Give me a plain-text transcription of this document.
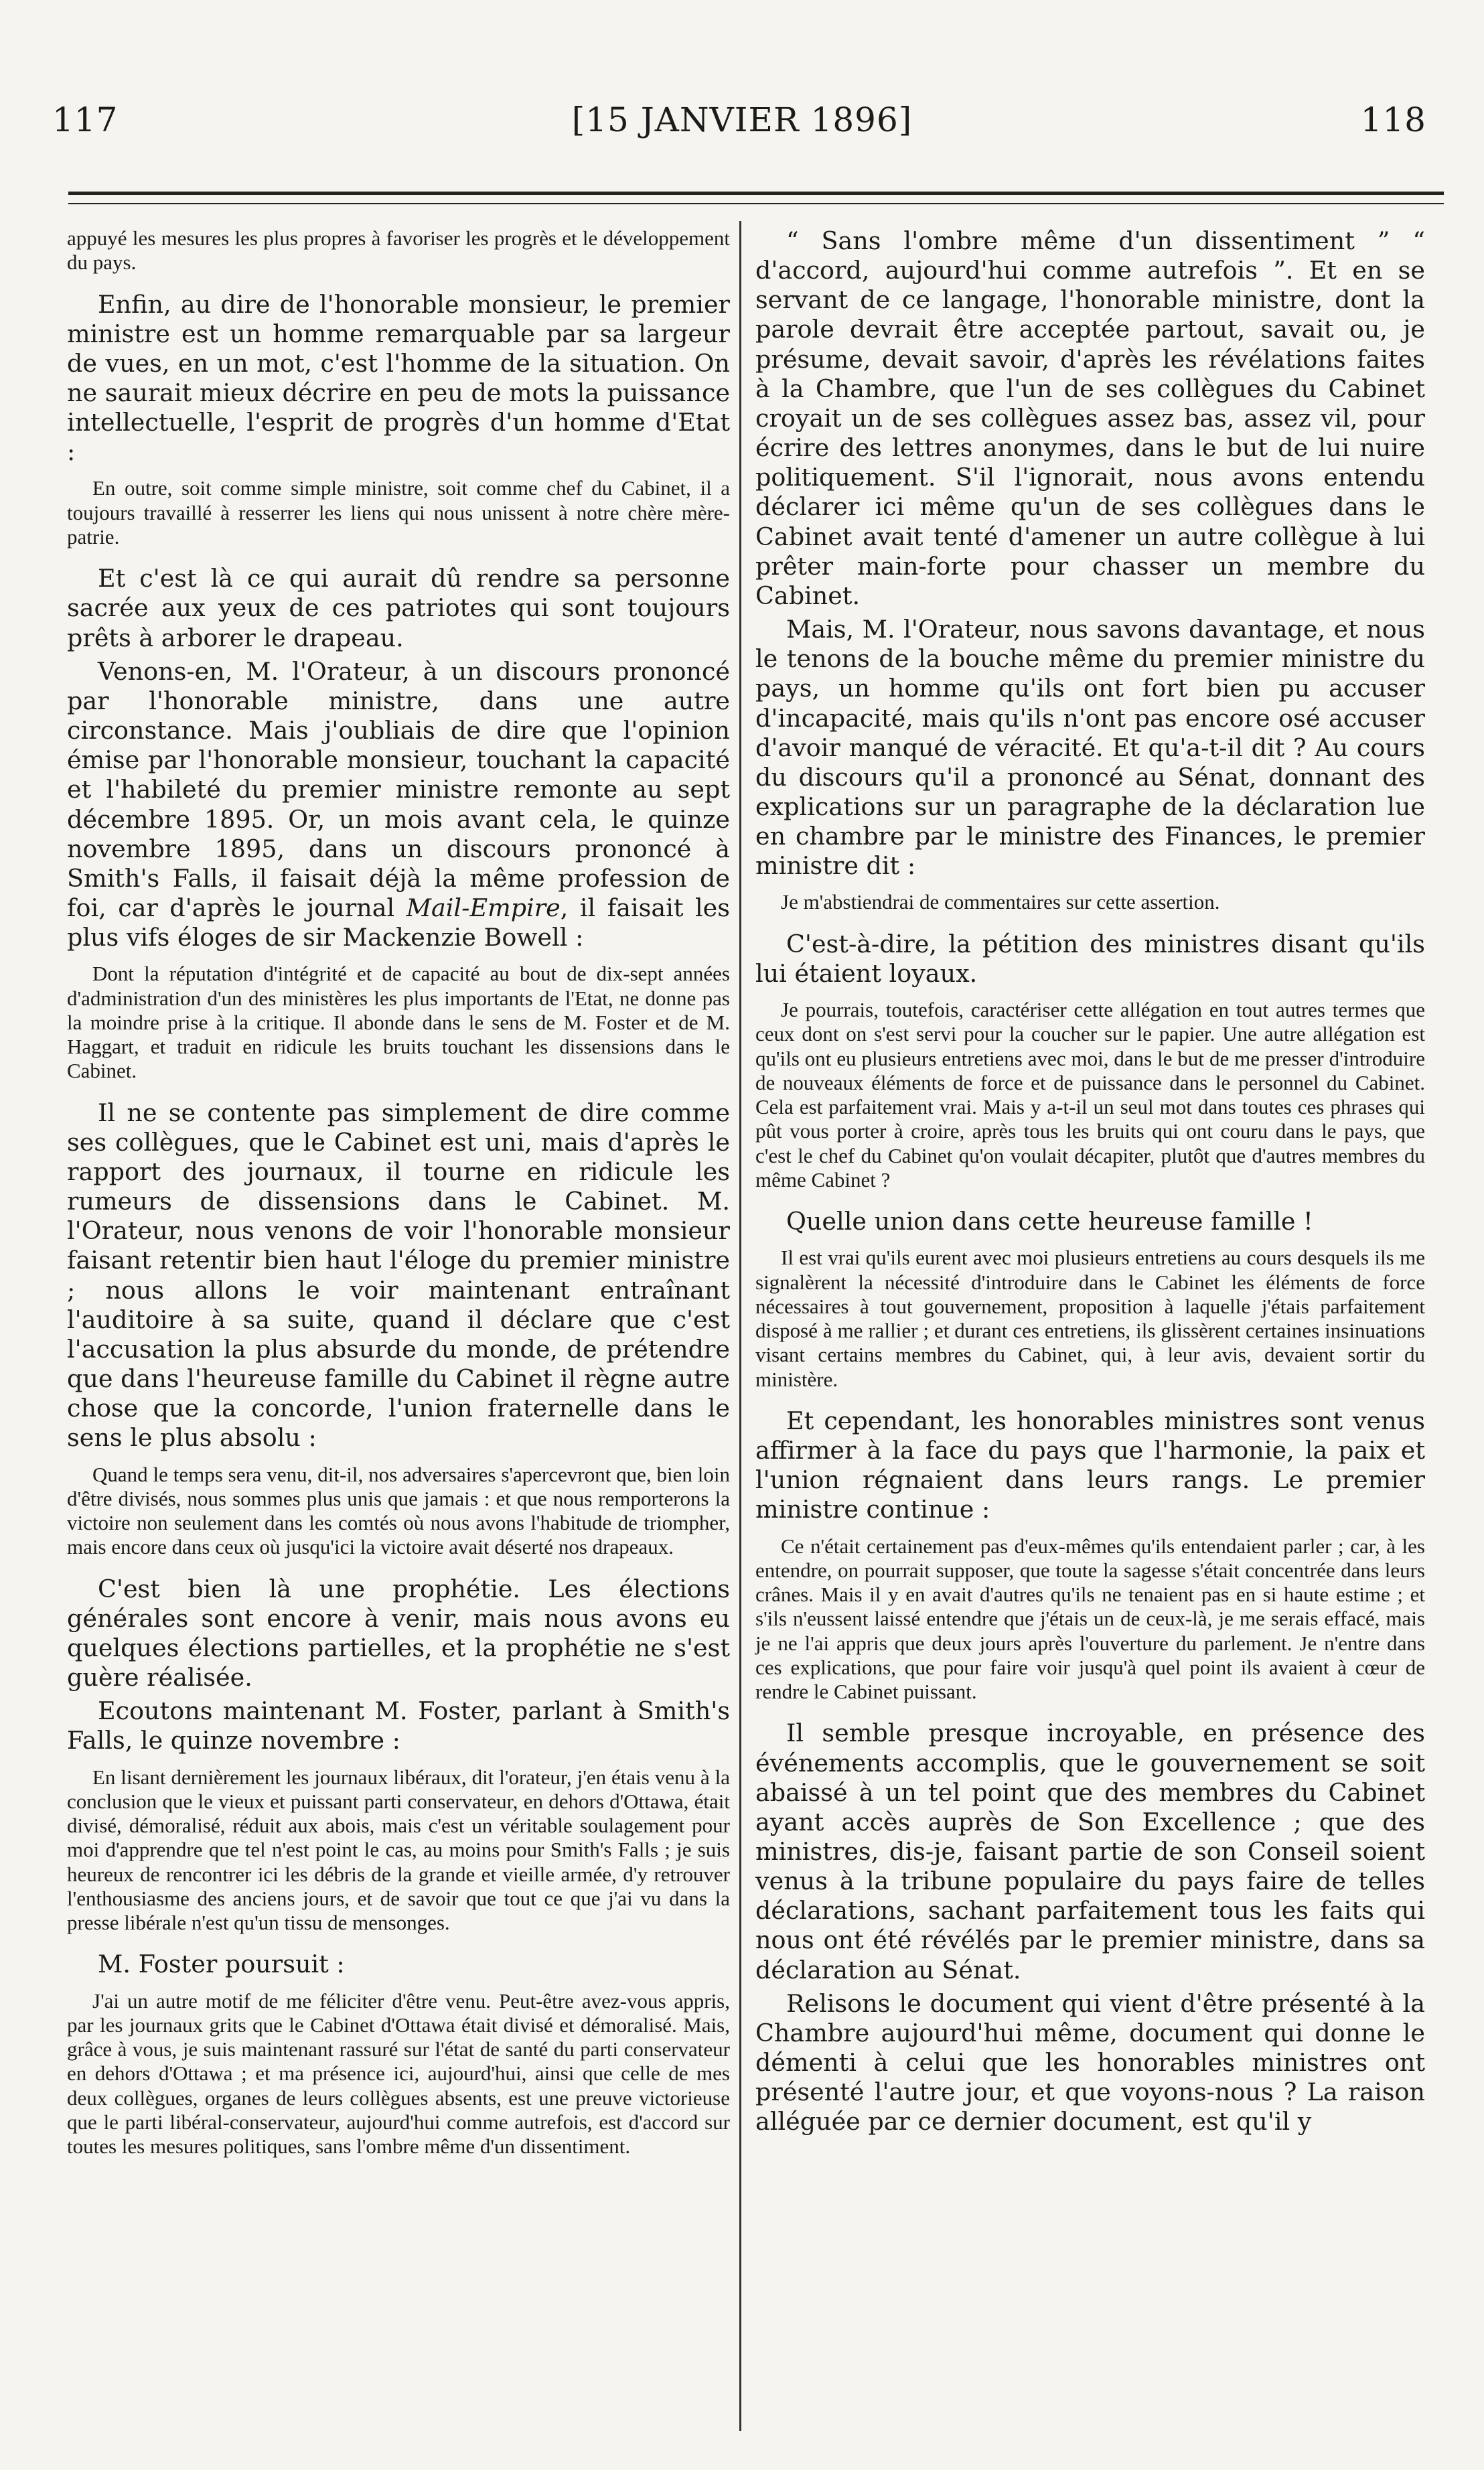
117	[15 JANVIER 1896]	118

appuyé les mesures les plus propres à favoriser les progrès et le développement du pays.

Enfin, au dire de l'honorable monsieur, le premier ministre est un homme remarquable par sa largeur de vues, en un mot, c'est l'homme de la situation. On ne saurait mieux décrire en peu de mots la puissance intellectuelle, l'esprit de progrès d'un homme d'Etat :

En outre, soit comme simple ministre, soit comme chef du Cabinet, il a toujours travaillé à resserrer les liens qui nous unissent à notre chère mère-patrie.

Et c'est là ce qui aurait dû rendre sa personne sacrée aux yeux de ces patriotes qui sont toujours prêts à arborer le drapeau.

Venons-en, M. l'Orateur, à un discours prononcé par l'honorable ministre, dans une autre circonstance. Mais j'oubliais de dire que l'opinion émise par l'honorable monsieur, touchant la capacité et l'habileté du premier ministre remonte au sept décembre 1895. Or, un mois avant cela, le quinze novembre 1895, dans un discours prononcé à Smith's Falls, il faisait déjà la même profession de foi, car d'après le journal Mail-Empire, il faisait les plus vifs éloges de sir Mackenzie Bowell :

Dont la réputation d'intégrité et de capacité au bout de dix-sept années d'administration d'un des ministères les plus importants de l'Etat, ne donne pas la moindre prise à la critique. Il abonde dans le sens de M. Foster et de M. Haggart, et traduit en ridicule les bruits touchant les dissensions dans le Cabinet.

Il ne se contente pas simplement de dire comme ses collègues, que le Cabinet est uni, mais d'après le rapport des journaux, il tourne en ridicule les rumeurs de dissensions dans le Cabinet. M. l'Orateur, nous venons de voir l'honorable monsieur faisant retentir bien haut l'éloge du premier ministre ; nous allons le voir maintenant entraînant l'auditoire à sa suite, quand il déclare que c'est l'accusation la plus absurde du monde, de prétendre que dans l'heureuse famille du Cabinet il règne autre chose que la concorde, l'union fraternelle dans le sens le plus absolu :

Quand le temps sera venu, dit-il, nos adversaires s'apercevront que, bien loin d'être divisés, nous sommes plus unis que jamais : et que nous remporterons la victoire non seulement dans les comtés où nous avons l'habitude de triompher, mais encore dans ceux où jusqu'ici la victoire avait déserté nos drapeaux.

C'est bien là une prophétie. Les élections générales sont encore à venir, mais nous avons eu quelques élections partielles, et la prophétie ne s'est guère réalisée.

Ecoutons maintenant M. Foster, parlant à Smith's Falls, le quinze novembre :

En lisant dernièrement les journaux libéraux, dit l'orateur, j'en étais venu à la conclusion que le vieux et puissant parti conservateur, en dehors d'Ottawa, était divisé, démoralisé, réduit aux abois, mais c'est un véritable soulagement pour moi d'apprendre que tel n'est point le cas, au moins pour Smith's Falls ; je suis heureux de rencontrer ici les débris de la grande et vieille armée, d'y retrouver l'enthousiasme des anciens jours, et de savoir que tout ce que j'ai vu dans la presse libérale n'est qu'un tissu de mensonges.

M. Foster poursuit :

J'ai un autre motif de me féliciter d'être venu. Peut-être avez-vous appris, par les journaux grits que le Cabinet d'Ottawa était divisé et démoralisé. Mais, grâce à vous, je suis maintenant rassuré sur l'état de santé du parti conservateur en dehors d'Ottawa ; et ma présence ici, aujourd'hui, ainsi que celle de mes deux collègues, organes de leurs collègues absents, est une preuve victorieuse que le parti libéral-conservateur, aujourd'hui comme autrefois, est d'accord sur toutes les mesures politiques, sans l'ombre même d'un dissentiment.

“ Sans l'ombre même d'un dissentiment ” “ d'accord, aujourd'hui comme autrefois ”. Et en se servant de ce langage, l'honorable ministre, dont la parole devrait être acceptée partout, savait ou, je présume, devait savoir, d'après les révélations faites à la Chambre, que l'un de ses collègues du Cabinet croyait un de ses collègues assez bas, assez vil, pour écrire des lettres anonymes, dans le but de lui nuire politiquement. S'il l'ignorait, nous avons entendu déclarer ici même qu'un de ses collègues dans le Cabinet avait tenté d'amener un autre collègue à lui prêter main-forte pour chasser un membre du Cabinet.

Mais, M. l'Orateur, nous savons davantage, et nous le tenons de la bouche même du premier ministre du pays, un homme qu'ils ont fort bien pu accuser d'incapacité, mais qu'ils n'ont pas encore osé accuser d'avoir manqué de véracité. Et qu'a-t-il dit ? Au cours du discours qu'il a prononcé au Sénat, donnant des explications sur un paragraphe de la déclaration lue en chambre par le ministre des Finances, le premier ministre dit :

Je m'abstiendrai de commentaires sur cette assertion.

C'est-à-dire, la pétition des ministres disant qu'ils lui étaient loyaux.

Je pourrais, toutefois, caractériser cette allégation en tout autres termes que ceux dont on s'est servi pour la coucher sur le papier. Une autre allégation est qu'ils ont eu plusieurs entretiens avec moi, dans le but de me presser d'introduire de nouveaux éléments de force et de puissance dans le personnel du Cabinet. Cela est parfaitement vrai. Mais y a-t-il un seul mot dans toutes ces phrases qui pût vous porter à croire, après tous les bruits qui ont couru dans le pays, que c'est le chef du Cabinet qu'on voulait décapiter, plutôt que d'autres membres du même Cabinet ?

Quelle union dans cette heureuse famille !

Il est vrai qu'ils eurent avec moi plusieurs entretiens au cours desquels ils me signalèrent la nécessité d'introduire dans le Cabinet les éléments de force nécessaires à tout gouvernement, proposition à laquelle j'étais parfaitement disposé à me rallier ; et durant ces entretiens, ils glissèrent certaines insinuations visant certains membres du Cabinet, qui, à leur avis, devaient sortir du ministère.

Et cependant, les honorables ministres sont venus affirmer à la face du pays que l'harmonie, la paix et l'union régnaient dans leurs rangs. Le premier ministre continue :

Ce n'était certainement pas d'eux-mêmes qu'ils entendaient parler ; car, à les entendre, on pourrait supposer, que toute la sagesse s'était concentrée dans leurs crânes. Mais il y en avait d'autres qu'ils ne tenaient pas en si haute estime ; et s'ils n'eussent laissé entendre que j'étais un de ceux-là, je me serais effacé, mais je ne l'ai appris que deux jours après l'ouverture du parlement. Je n'entre dans ces explications, que pour faire voir jusqu'à quel point ils avaient à cœur de rendre le Cabinet puissant.

Il semble presque incroyable, en présence des événements accomplis, que le gouvernement se soit abaissé à un tel point que des membres du Cabinet ayant accès auprès de Son Excellence ; que des ministres, dis-je, faisant partie de son Conseil soient venus à la tribune populaire du pays faire de telles déclarations, sachant parfaitement tous les faits qui nous ont été révélés par le premier ministre, dans sa déclaration au Sénat.

Relisons le document qui vient d'être présenté à la Chambre aujourd'hui même, document qui donne le démenti à celui que les honorables ministres ont présenté l'autre jour, et que voyons-nous ? La raison alléguée par ce dernier document, est qu'il y
